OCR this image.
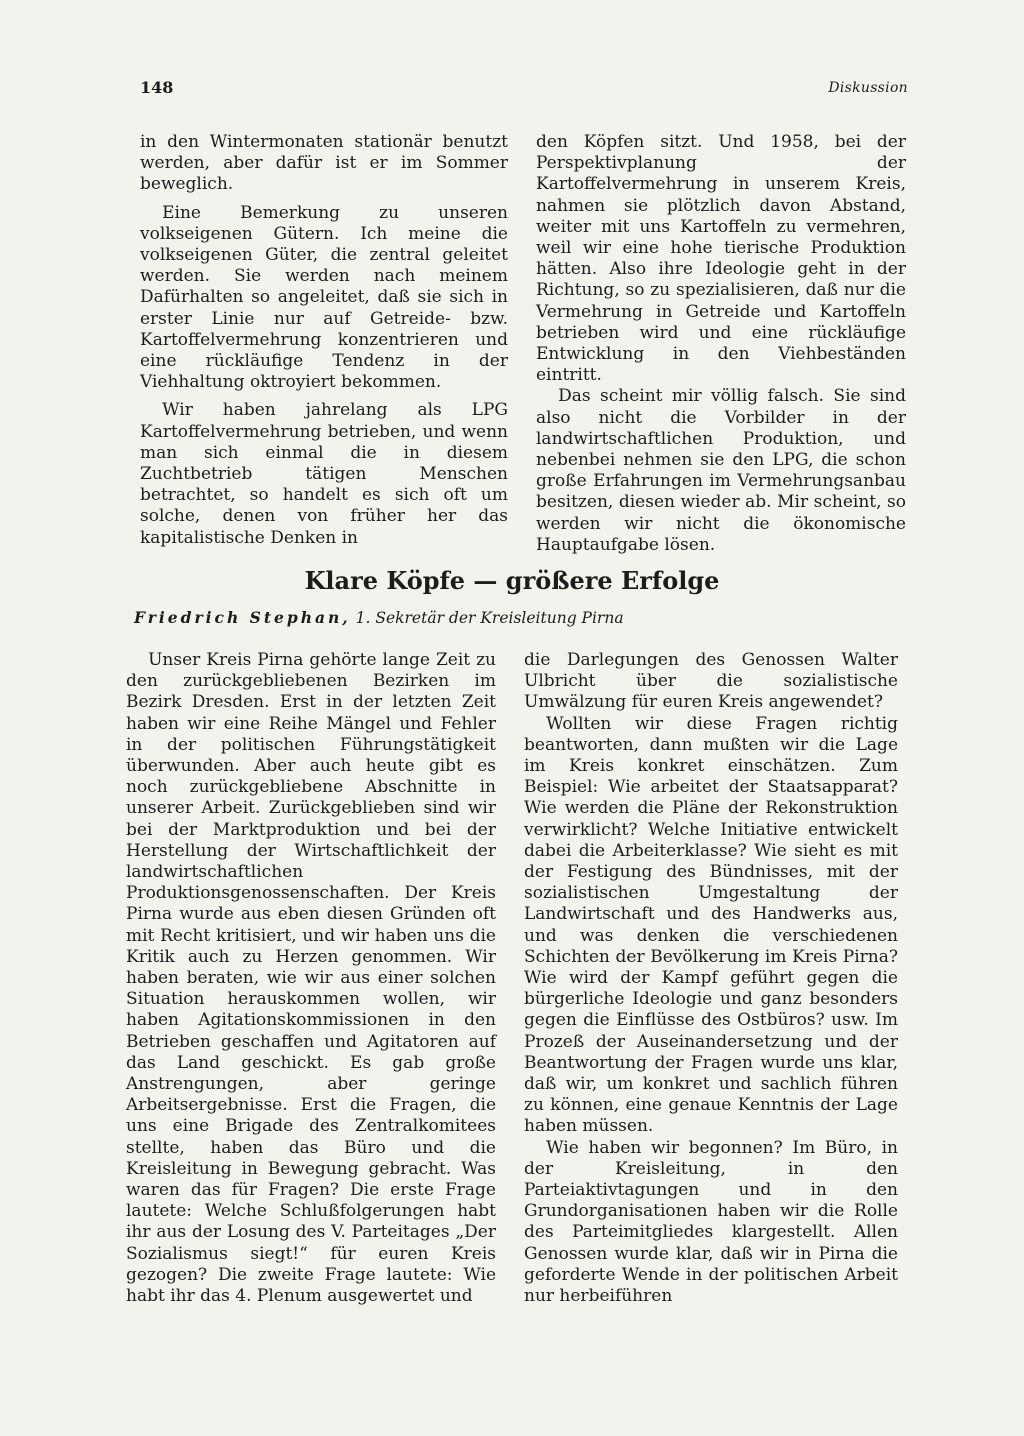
148	Diskussion

in den Wintermonaten stationär benutzt werden, aber dafür ist er im Sommer beweglich.

Eine Bemerkung zu unseren volkseigenen Gütern. Ich meine die volkseigenen Güter, die zentral geleitet werden. Sie werden nach meinem Dafürhalten so angeleitet, daß sie sich in erster Linie nur auf Getreide- bzw. Kartoffelvermehrung konzentrieren und eine rückläufige Tendenz in der Viehhaltung oktroyiert bekommen.

Wir haben jahrelang als LPG Kartoffelvermehrung betrieben, und wenn man sich einmal die in diesem Zuchtbetrieb tätigen Menschen betrachtet, so handelt es sich oft um solche, denen von früher her das kapitalistische Denken in

den Köpfen sitzt. Und 1958, bei der Perspektivplanung der Kartoffelvermehrung in unserem Kreis, nahmen sie plötzlich davon Abstand, weiter mit uns Kartoffeln zu vermehren, weil wir eine hohe tierische Produktion hätten. Also ihre Ideologie geht in der Richtung, so zu spezialisieren, daß nur die Vermehrung in Getreide und Kartoffeln betrieben wird und eine rückläufige Entwicklung in den Viehbeständen eintritt.

Das scheint mir völlig falsch. Sie sind also nicht die Vorbilder in der landwirtschaftlichen Produktion, und nebenbei nehmen sie den LPG, die schon große Erfahrungen im Vermehrungsanbau besitzen, diesen wieder ab. Mir scheint, so werden wir nicht die ökonomische Hauptaufgabe lösen.

Klare Köpfe — größere Erfolge
Friedrich Stephan, 1. Sekretär der Kreisleitung Pirna

Unser Kreis Pirna gehörte lange Zeit zu den zurückgebliebenen Bezirken im Bezirk Dresden. Erst in der letzten Zeit haben wir eine Reihe Mängel und Fehler in der politischen Führungstätigkeit überwunden. Aber auch heute gibt es noch zurückgebliebene Abschnitte in unserer Arbeit. Zurückgeblieben sind wir bei der Marktproduktion und bei der Herstellung der Wirtschaftlichkeit der landwirtschaftlichen Produktionsgenossenschaften. Der Kreis Pirna wurde aus eben diesen Gründen oft mit Recht kritisiert, und wir haben uns die Kritik auch zu Herzen genommen. Wir haben beraten, wie wir aus einer solchen Situation herauskommen wollen, wir haben Agitationskommissionen in den Betrieben geschaffen und Agitatoren auf das Land geschickt. Es gab große Anstrengungen, aber geringe Arbeitsergebnisse. Erst die Fragen, die uns eine Brigade des Zentralkomitees stellte, haben das Büro und die Kreisleitung in Bewegung gebracht. Was waren das für Fragen? Die erste Frage lautete: Welche Schlußfolgerungen habt ihr aus der Losung des V. Parteitages „Der Sozialismus siegt!“ für euren Kreis gezogen? Die zweite Frage lautete: Wie habt ihr das 4. Plenum ausgewertet und

die Darlegungen des Genossen Walter Ulbricht über die sozialistische Umwälzung für euren Kreis angewendet?

Wollten wir diese Fragen richtig beantworten, dann mußten wir die Lage im Kreis konkret einschätzen. Zum Beispiel: Wie arbeitet der Staatsapparat? Wie werden die Pläne der Rekonstruktion verwirklicht? Welche Initiative entwickelt dabei die Arbeiterklasse? Wie sieht es mit der Festigung des Bündnisses, mit der sozialistischen Umgestaltung der Landwirtschaft und des Handwerks aus, und was denken die verschiedenen Schichten der Bevölkerung im Kreis Pirna? Wie wird der Kampf geführt gegen die bürgerliche Ideologie und ganz besonders gegen die Einflüsse des Ostbüros? usw. Im Prozeß der Auseinandersetzung und der Beantwortung der Fragen wurde uns klar, daß wir, um konkret und sachlich führen zu können, eine genaue Kenntnis der Lage haben müssen.

Wie haben wir begonnen? Im Büro, in der Kreisleitung, in den Parteiaktivtagungen und in den Grundorganisationen haben wir die Rolle des Parteimitgliedes klargestellt. Allen Genossen wurde klar, daß wir in Pirna die geforderte Wende in der politischen Arbeit nur herbeiführen
